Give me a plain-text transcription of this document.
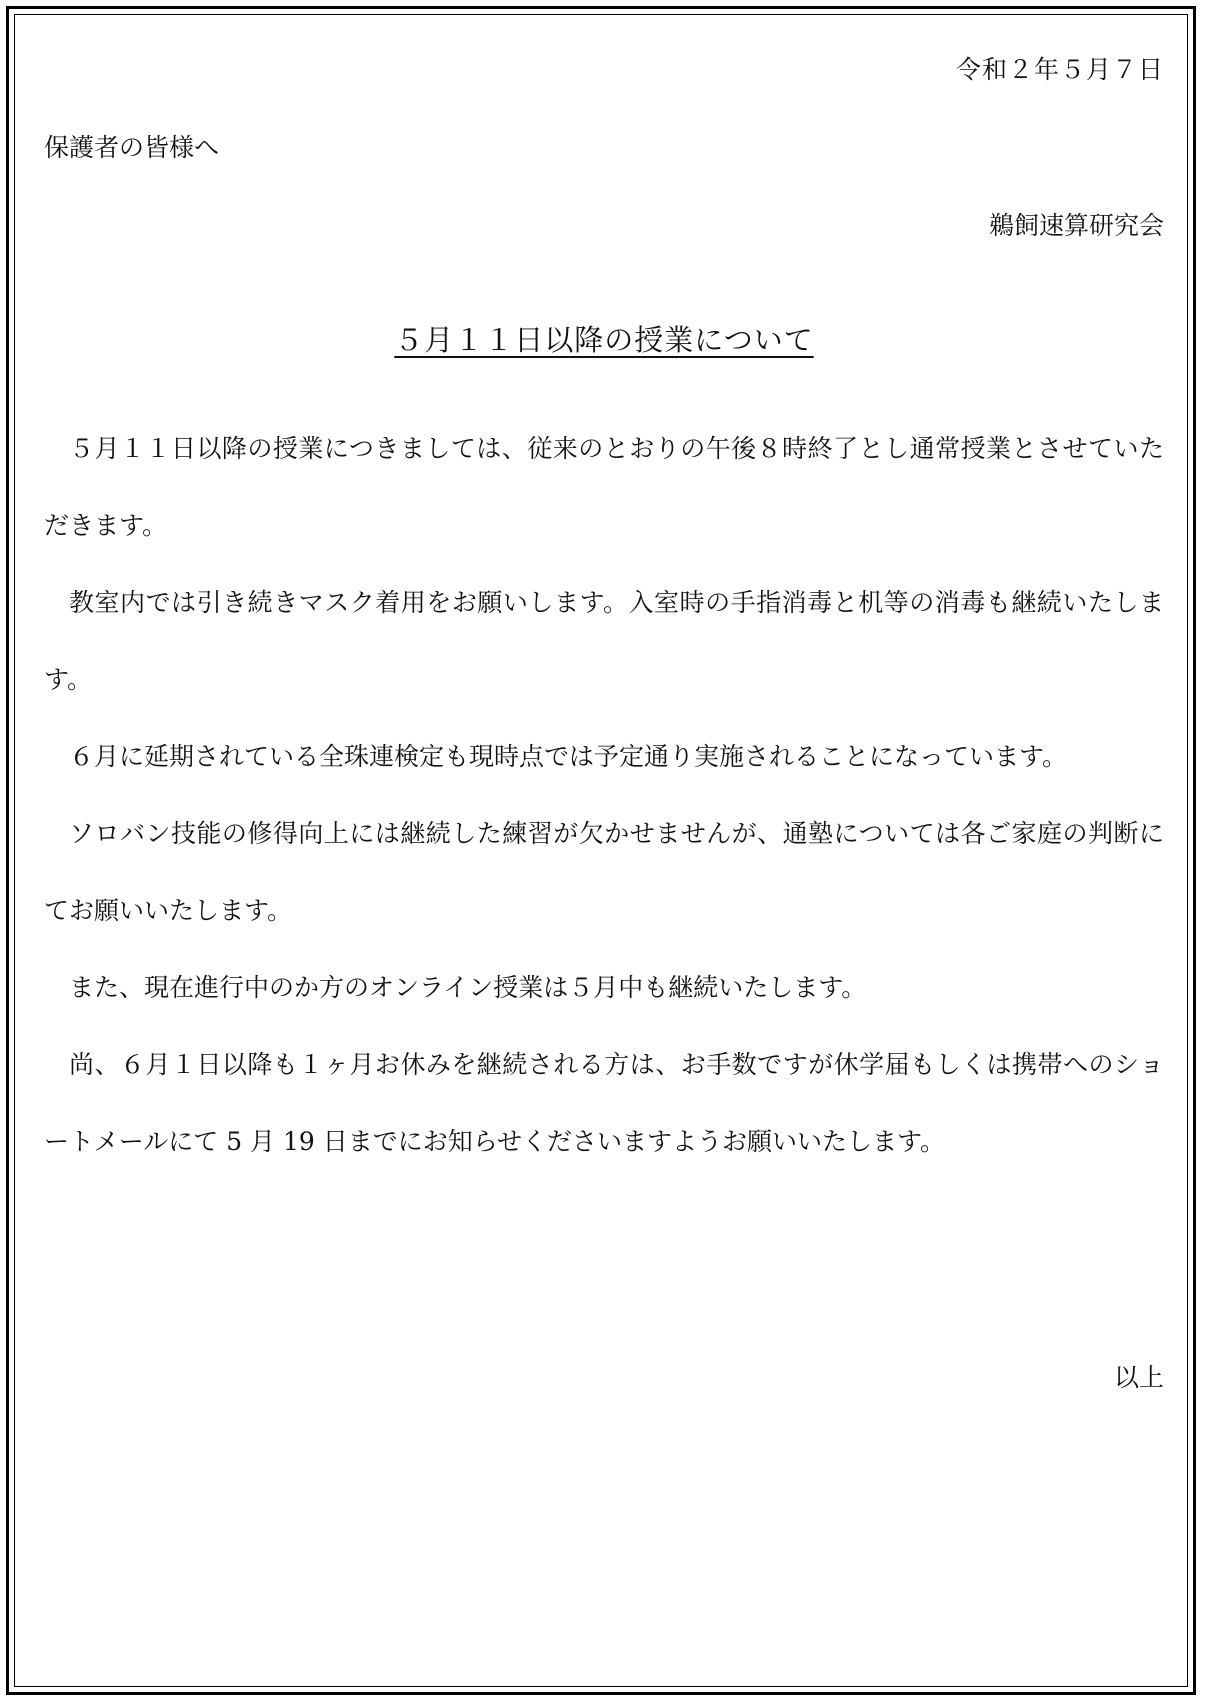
令和２年５月７日
保護者の皆様へ
鵜飼速算研究会
５月１１日以降の授業について

５月１１日以降の授業につきましては、従来のとおりの午後８時終了とし通常授業とさせていただきます。

教室内では引き続きマスク着用をお願いします。入室時の手指消毒と机等の消毒も継続いたします。

６月に延期されている全珠連検定も現時点では予定通り実施されることになっています。

ソロバン技能の修得向上には継続した練習が欠かせませんが、通塾については各ご家庭の判断にてお願いいたします。

また、現在進行中のか方のオンライン授業は５月中も継続いたします。

尚、６月１日以降も１ヶ月お休みを継続される方は、お手数ですが休学届もしくは携帯へのショートメールにて 5 月 19 日までにお知らせくださいますようお願いいたします。

以上
